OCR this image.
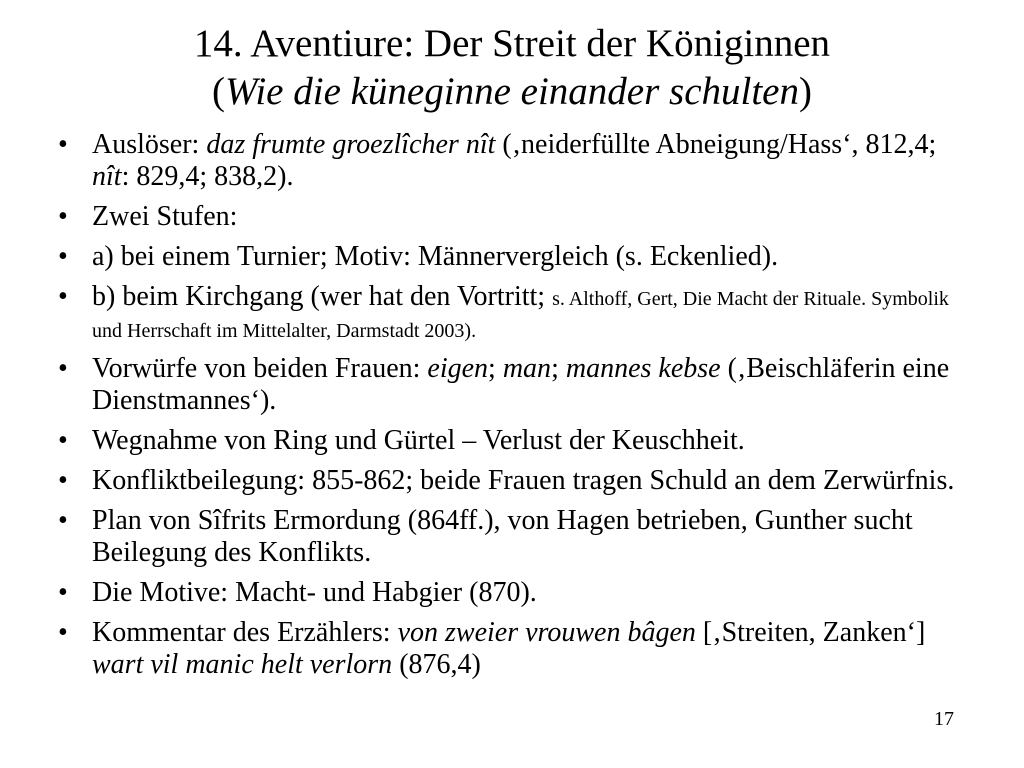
14. Aventiure: Der Streit der Königinnen
(Wie die küneginne einander schulten)
• Auslöser: daz frumte groezlîcher nît (‚neiderfüllte Abneigung/Hass‘, 812,4; nît: 829,4; 838,2).
• Zwei Stufen:
• a) bei einem Turnier; Motiv: Männervergleich (s. Eckenlied).
• b) beim Kirchgang (wer hat den Vortritt; s. Althoff, Gert, Die Macht der Rituale. Symbolik und Herrschaft im Mittelalter, Darmstadt 2003).
• Vorwürfe von beiden Frauen: eigen; man; mannes kebse (‚Beischläferin eine Dienstmannes‘).
• Wegnahme von Ring und Gürtel – Verlust der Keuschheit.
• Konfliktbeilegung: 855-862; beide Frauen tragen Schuld an dem Zerwürfnis.
• Plan von Sîfrits Ermordung (864ff.), von Hagen betrieben, Gunther sucht Beilegung des Konflikts.
• Die Motive: Macht- und Habgier (870).
• Kommentar des Erzählers: von zweier vrouwen bâgen [‚Streiten, Zanken‘] wart vil manic helt verlorn (876,4)
17
